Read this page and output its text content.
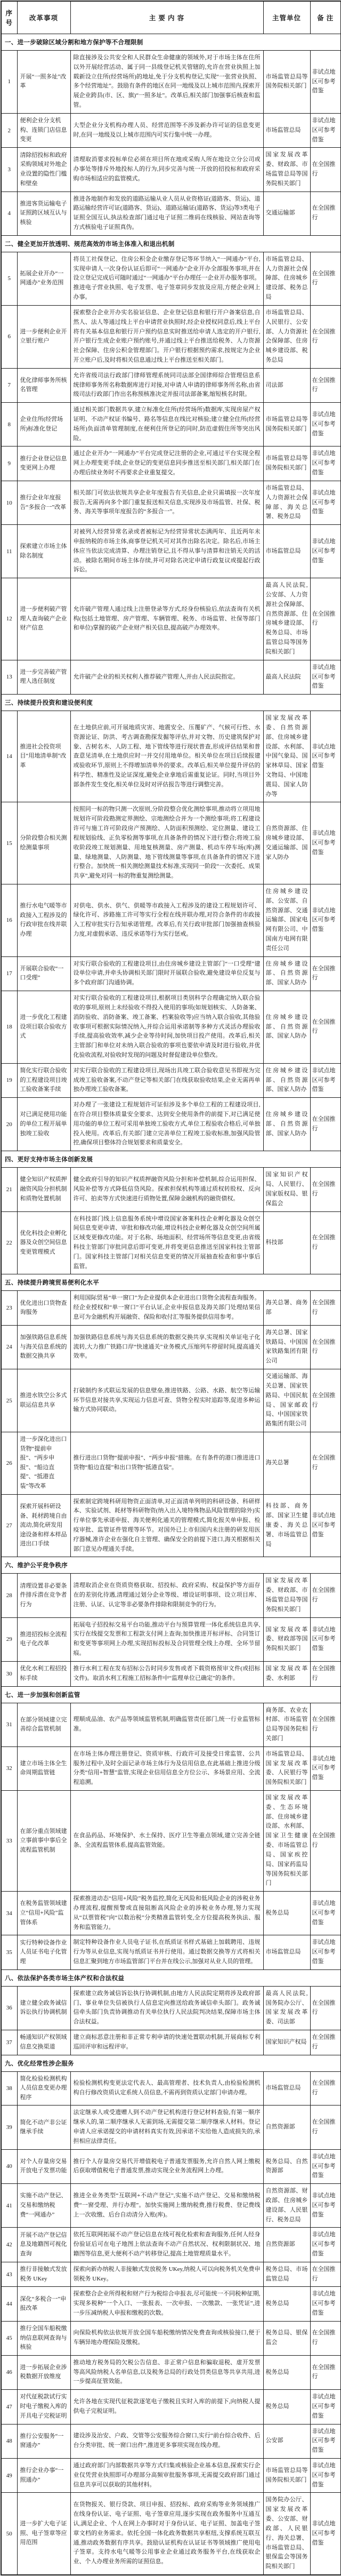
序号	改革事项	主 要 内 容	主管单位	备 注
一、进一步破除区域分割和地方保护等不合理限制				
1	开展“一照多址”改革	除直接涉及公共安全和人民群众生命健康的领域外,对于市场主体在住所以外开展经营活动、属于同一县级登记机关管辖的,允许在营业执照上加载新设立住所(经营场所)的地址,免于分支机构登记,实现“一张营业执照、多个经营地址”。鼓励有条件的地区在同一地级及以上城市范围内,探索开展企业跨县(市、区、旗)“一照多址”。改革后,相关部门加强事后核查和监管。	市场监管总局等国务院相关部门	非试点地区可参考借鉴
2	便利企业分支机构、连锁门店信息变更	大型企业分支机构办理人员、经营范围等不涉及新办许可证的信息变更时,在同一地级及以上城市范围内可实行集中统一办理。	市场监管总局	非试点地区可参考借鉴
3	清除招投标和政府采购领域对外地企业设置的隐性门槛和壁垒	清理取消要求投标单位必须在项目所在地或采购人所在地设立分公司或办事处等排斥外地投标人的行为,同步完善与统一开放的招投标和政府采购市场相适应的监管模式。	国家发展改革委、财政部、市场监管总局等国务院相关部门	在全国推行
4	推进客货运输电子证照跨区域互认与核验	推进各地制作和发放的道路运输从业人员从业资格证(道路客、货运)、道路运输经营许可证(道路客、货运)、道路运输证(道路客、货运)等3类电子证照全国互认,执法检查部门通过电子证照二维码在线核验、网站查询等方式核验电子证照真伪。	交通运输部	在全国推行
二、健全更加开放透明、规范高效的市场主体准入和退出机制				
5	拓展企业开办“一网通办”业务范围	将员工社保登记、住房公积金企业缴存登记等环节纳入“一网通办”平台,实现申请人一次身份认证后即可“一网通办”企业开办全部服务事项,并在设立登记完成后可随时通过“一网通办”平台办理任一企业开办服务事项。推进电子营业执照、电子发票、电子签章同步发放及应用,方便企业网上办事。	市场监管总局、人力资源社会保障部、住房城乡建设部、税务总局	在全国推行
6	进一步便利企业开立银行账户	探索整合企业开办实名验证信息、企业登记信息和银行开户备案信息,自然人、法人等通过线上平台申请营业执照时,经企业授权同意后,线上平台将有关基本信息和银行开户预约信息实时推送给申请人选定的开户银行,开户银行生成企业账户预约账号,并通过线上平台推送给税务、人力资源社会保障、住房公积金管理部门。开户银行根据预约需求,按规定为企业开立账户后,及时将相关信息通过线上平台推送至相关部门。	市场监管总局、人民银行、公安部、人力资源社会保障部、住房城乡建设部、税务总局	在全国推行
7	优化律师事务所核名管理	允许省级司法行政部门律师管理系统同司法部全国律师综合管理信息系统律师事务所名称数据库进行对接,对申请人申请的律师事务所名称,由省级司法行政部门作出名称预核准决定并报司法部备案,缩短核名时限。	司法部	在全国推行
8	企业住所(经营场所)标准化登记	通过相关部门数据共享,建立标准化住所(经营场所)数据库,实现房屋产权证明、不动产权证书编号、路名等信息在线比对核验;建立健全住所(经营场所)负面清单管理制度,在便利住所登记的同时,防范虚假住所等突出风险。	市场监管总局等国务院相关部门	非试点地区可参考借鉴
9	推行企业登记信息变更网上办理	通过企业开办“一网通办”平台完成登记注册的企业,可通过平台实现全程网上办理变更手续,企业登记的变更信息同步推送至相关部门,相关部门在办理后续业务时不再要求企业重复提交。	市场监管总局等国务院相关部门	非试点地区可参考借鉴
10	推行企业年度报告“多报合一”改革	相关部门可依法依规共享企业年度报告有关信息,企业只需填报一次年度报告,无需再向多个部门重复报送相关信息,实现涉及市场监管、社保、税务、海关等事项年度报告的“多报合一”。	市场监管总局、人力资源社会保障部、海关总署、税务总局	非试点地区可参考借鉴
11	探索建立市场主体除名制度	对被列入经营异常名录或者被标记为经营异常状态满两年、且近两年未申报纳税的市场主体,商事登记机关可对其作出除名决定。除名后,市场主体应当依法完成清算、办理注销登记,且不得从事与清算和注销无关的活动。被除名期间市场主体存续,并可对除名决定申请行政复议或提起行政诉讼。	市场监管总局	非试点地区可参考借鉴
12	进一步便利破产管理人查询破产企业财产信息	允许破产管理人通过线上注册登录等方式,经身份核验后,依法查询有关机构(包括土地管理、房产管理、车辆管理、税务、市场监管、社保等部门和单位)掌握的破产企业财产相关信息,提高破产办理效率。	最高人民法院,公安部、人力资源社会保障部、自然资源部、住房城乡建设部、税务总局、市场监管总局等国务院相关部门	在全国推行
13	进一步完善破产管理人选任制度	允许破产企业的相关权利人推荐破产管理人,并由人民法院指定。	最高人民法院	非试点地区可参考借鉴
三、持续提升投资和建设便利度				
14	推进社会投资项目“用地清单制”改革	在土地供应前,可开展地质灾害、地震安全、压覆矿产、气候可行性、水资源论证、防洪、考古调查勘探发掘等评估,并对文物、历史建筑保护对象、古树名木、人防工程、地下管线等进行现状普查,形成评估结果和普查意见清单,在土地供应时一并交付用地单位。相关单位在项目后续报建或验收环节,原则上不得增加清单外的要求。改革后,相关单位提升评估的科学性、精准性及论证深度,避免企业拿地后需重复论证。同时,当项目外部条件发生变化,相关单位及时对评估报告等进行调整完善。	国家发展改革委、自然资源部、住房城乡建设部、水利部、中国气象局、国家林草局、国家文物局、中国地震局、国家人防办等	非试点地区可参考借鉴
15	分阶段整合相关测绘测量事项	按照同一标的物只测一次原则,分阶段整合优化测绘事项,推动将立项用地规划许可阶段勘测定界测绘、宗地测绘合并为一个测绘事项;将工程建设许可与施工许可阶段房产预测绘、人防面积预测绘、定位测量、建设工程规划验线、正负零检测等事项,在具备条件的情况下进行整合;将竣工验收阶段竣工规划测量、用地复核测量、房产测量、机动车停车场(库)测量、绿地测量、人防测量、地下管线测量等事项,在具备条件的情况下进行整合。加快统一相关测绘测量技术标准,实现同一阶段“一次委托、成果共享”,避免对同一标的物重复测绘测量。	自然资源部、住房城乡建设部、交通运输部、国家人防办	非试点地区可参考借鉴
16	推行水电气暖等市政接入工程涉及的行政审批在线并联办理	对供电、供水、供气、供暖等市政接入工程涉及的建设工程规划许可、绿化许可、涉路施工许可等实行全程在线并联办理,对符合条件的市政接入工程审批实行告知承诺管理。改革后,有关行政审批部门加强抽查核验力度,对虚假承诺、违反承诺等行为实行惩戒。	住房城乡建设部、公安部、自然资源部、交通运输部、国家电网有限公司、中国南方电网有限责任公司	非试点地区可参考借鉴
17	开展联合验收“一口受理”	对实行联合验收的工程建设项目,由住房城乡建设主管部门“一口受理”建设单位申请,并牵头协调相关部门限时开展联合验收,避免建设单位反复与多个政府部门沟通协调。	住房城乡建设部、自然资源部、国家人防办	在全国推行
18	进一步优化工程建设项目联合验收方式	对实行联合验收的工程建设项目,根据项目类别科学合理确定纳入联合验收的事项,原则上未经验收不得投入使用的事项(如规划核实、人防备案、消防验收、消防备案、竣工备案、档案验收等)应当纳入联合验收,其他验收事项可根据实际情况纳入,并综合运用承诺制等多种方式灵活办理验收手续,提高验收效率,减少企业等待时间,加快项目投产使用。改革后,相关主管部门和单位对未纳入联合验收的事项也要依申请及时进行验收,并优化验收流程,对验收时发现的问题及时督促建设单位整改。	住房城乡建设部、自然资源部、国家人防办	在全国推行
19	简化实行联合验收的工程建设项目竣工验收备案手续	对实行联合验收的工程建设项目,现场出具竣工联合验收意见书即视为完成竣工验收备案,不动产登记等相关部门在线获取验收结果,企业无需再单独办理竣工验收备案。	住房城乡建设部、自然资源部、国家人防办	非试点地区可参考借鉴
20	对已满足使用功能的单位工程开展单独竣工验收	对办理了一张建设工程规划许可证但涉及多个单位工程的工程建设项目,在符合项目整体质量安全要求、达到安全使用条件的前提下,对已满足使用功能的单位工程可采用单独竣工验收方式,单位工程验收合格后,可单独投入使用。改革后,有关部门建立完善单位工程竣工验收标准,加强风险管控,确保项目整体符合规划要求和质量安全。	住房城乡建设部、自然资源部、国家人防办	在全国推行
四、更好支持市场主体创新发展				
21	健全知识产权质押融资风险分担机制和质物处置机制	健全政府引导的知识产权质押融资风险分担和补偿机制,综合运用担保、风险补偿等方式降低信贷风险。探索担保机构等通过质权转股权、反向许可、拍卖等方式快速进行质物处置,保障金融机构的融资债权。	国家知识产权局、人民银行、国家版权局、银保监会	在全国推行
22	优化科技企业孵化器及众创空间信息变更管理模式	在科技部门线上信息服务系统中增设国家备案科技企业孵化器及众创空间信息变更申请、审批和修改功能,增设科技企业孵化器及众创空间所属区域变更修改功能。对于名称、场地面积、经营场所等信息变更,由省级科技主管部门审批同意后即可变更,并将变更信息推送至国家科技主管部门。国家科技主管部门对相关信息变更的情况开展抽查检查和事中事后监管。	科技部	在全国推行
五、持续提升跨境贸易便利化水平				
23	优化进出口货物查询服务	利用国际贸易“单一窗口”为企业提供本企业进出口货物全流程查询服务。经企业授权和“单一窗口”平台认证,企业申报信息及海关部门处理结果信息可为金融机构开展融资、保险和收付汇等服务提供信用参考。	海关总署、商务部	在全国推行
24	加强铁路信息系统与海关信息系统的数据交换共享	加强铁路信息系统与海关信息系统的数据交换共享,实现相关单证电子化流转,大力推广铁路口岸“快速通关”业务模式,压缩列车停留时间,提高通关效率。	海关总署、国家铁路局、中国国家铁路集团有限公司	在全国推行
25	推进水铁空公多式联运信息共享	打破制约多式联运发展的信息壁垒,推进铁路、公路、水路、航空等运输环节信息对接共享,实现运力信息可查、货物全程实时追踪等,促进多种运输方式协同联动。	交通运输部、海关总署、国家铁路局、中国民航局、国家邮政局、中国国家铁路集团有限公司	在全国推行
26	进一步深化进出口货物“提前申报”、“两步申报”、“船边直提”、“抵港直装”等改革	推行进出口货物“提前申报”、“两步申报”措施。在有条件的港口推进进口货物“船边直提”和出口货物“抵港直装”。	海关总署	在全国推行
27	探索开展科研设备、耗材跨境自由流动,简化研发用途设备和样本样品进出口手续	探索制定跨境科研用物资正面清单,对正面清单列明的科研设备、科研样本、实验试剂、耗材等科研物资(纳入出入境特殊物品风险管理的除外)实行单位事先承诺申报、海关便利化通关的管理模式,简化报关单申报、检疫审批、监管证件管理等环节。对国外已上市但国内未注册的研发用医疗器械,准许企业在强化自主管理、确保安全的前提下进口,海关根据相关部门意见办理通关手续。	科技部、商务部、国家卫生健康委、海关总署、市场监管总局	非试点地区可参考借鉴
六、维护公平竞争秩序				
28	清理设置非必要条件排斥潜在竞争者行为	清理取消企业在资质资格获取、招投标、政府采购、权益保护等方面存在的差别化待遇,清理通过划分企业等级、增设证明事项、设立项目库、注册、认证、认定等非必要条件排除和限制竞争的行为。	国家发展改革委、财政部、市场监管总局等国务院相关部门	在全国推行
29	推进招投标全流程电子化改革	拓展电子招投标交易平台功能,推动平台与预算管理一体化系统信息共享,实行在线提交发票和工程款支付网上查询;加快推进开标评标、合同签订和变更等事项网上办理,实现招标投标及合同管理全线上办理、全环节留痕。	国家发展改革委、财政部等国务院相关部门	非试点地区可参考借鉴
30	优化水利工程招投标手续	推行水利工程在发布招标公告时同步发售或者下载资格预审文件(或招标文件)。取消水利工程施工招标条件中“监理单位已确定”的条件。	国家发展改革委、水利部	在全国推行
七、进一步加强和创新监管				
31	在部分领域建立完善综合监管机制	理顺成品油、农产品等领域监管机制,明确监管责任部门,统一行业监管标准。	商务部、农业农村部、市场监管总局等国务院相关部门	在全国推行
32	建立市场主体全生命周期监管链	在市场主体办理注册登记、资质审核、行政许可及接受日常监管、公共服务过程中,及时全面记录市场主体行为及信用信息,在此基础上推进分级分类“信用+智慧”监管,实现企业信用信息全方位公示、多场景应用、全流程追溯。	市场监管总局、国家发展改革委、人民银行等国务院相关部门	非试点地区可参考借鉴
33	在部分重点领域建立事前事中事后全流程监管机制	在食品药品、环境保护、水土保持、医疗卫生等重点领域,建立完善全链条、全流程监管体系,提高监管效能。	国家发展改革委、生态环境部、住房城乡建设部、水利部、国家卫生健康委、市场监管总局、国家疾控局、国家药监局等国务院相关部门	在全国推行
34	在税务监管领域建立“信用+风险”监管体系	探索推进动态“信用+风险”税务监控,简化无风险和低风险企业的涉税业务办理流程,提醒预警或直接阻断高风险企业的涉税业务办理,努力实现从“以票管税”向“以数治税”分类精准监管转变,全方位提高税务执法、服务和监管能力。	税务总局	非试点地区可参考借鉴
35	实行特种设备作业人员证书电子化管理	制定特种设备作业人员电子证书,在纸质证书样式基础上加载聘用、违规行为等从业信息,实现与纸质证书并行使用。通过数据交换等方式将相关信息汇聚到地方市场监管部门平台并在线公示,加强对从业人员的管理。	市场监管总局	非试点地区可参考借鉴
八、依法保护各类市场主体产权和合法权益				
36	建立健全政务诚信诉讼执行协调机制	探索建立政务诚信诉讼执行协调机制,由地方人民法院定期将涉及政府部门、事业单位失信被执行人信息定向推送给政务诚信牵头部门。政务诚信牵头部门负责协调推动有关单位执行人民法院判决结果,保障市场主体合法权益。	最高人民法院,国务院办公厅、国家发展改革委、司法部	在全国推行
37	畅通知识产权领域信息交换渠道	建立商标恶意注册和非正常专利申请的快速处置联动机制,开展商标专利巡回评审和远程评审。	国家知识产权局	在全国推行
九、优化经常性涉企服务				
38	简化检验检测机构人员信息变更办理程序	检验检测机构变更法定代表人、最高管理者、技术负责人,由检验检测机构自行修改资质认定系统人员信息,不需再到资质认定部门申请办理。	市场监管总局	在全国推行
39	简化不动产非公证继承手续	法定继承人或受遗赠人到不动产登记机构进行登记材料查验,有第一顺序继承人的,第二顺序继承人无需到场,无需提交第二顺序继承人材料。登记申请人应承诺提交的申请材料真实有效,因承诺不实给他人造成损失的,承担相应法律责任。	自然资源部	在全国推行
40	对个人存量房交易开放电子发票功能	推行个人存量房交易代开增值税电子普通发票服务,允许自然人网上缴税后获取增值税电子普通发票,推动实现全业务流程网上办理。	税务总局、自然资源部	非试点地区可参考借鉴
41	实施不动产登记、交易和缴纳税费“一网通办”	推进全业务类型“互联网+不动产登记”,实施不动产登记、交易和缴纳税费“一窗受理、并行办理”。加快实施网上缴纳税费,推行税费、登记费线上一次收缴、后台自动清分入账(库)。	自然资源部、财政部、住房城乡建设部、人民银行、税务总局	非试点地区可参考借鉴
42	开展不动产登记信息及地籍图可视化查询	依托互联网拓展不动产登记信息在线可视化检索和查询服务,任何人经身份验证后可在电子地图上依法查询不动产自然状况、权利限制状况、地籍图等信息,更大便利不动产转移登记,提高土地管理质量水平。	自然资源部	非试点地区可参考借鉴
43	推行非接触式发放税务 UKey	探索向新办纳税人非接触式发放税务 UKey,纳税人可以向税务机关免费申领税务 UKey。	税务总局、市场监管总局	在全国推行
44	深化“多税合一”申报改革	探索整合企业所得税和财产行为税综合申报表,尽可能统一不同税种征期,实现多税种“一个入口、一张报表、一次申报、一次缴款、一张凭证”,进一步压减纳税人申报和缴税的次数。	税务总局	非试点地区可参考借鉴
45	推行全国车船税缴纳信息联网查询与核验	向保险机构依法依规开放全国车船税缴纳情况免费查询或核验接口,便于车辆异地办理保险及缴税。	税务总局、银保监会	在全国推行
46	进一步拓展企业涉税数据开放维度	推动地方税务局的欠税公告信息、非正常户信息和骗取退税、虚开发票等高风险纳税人名单信息,以及税务总局的行政处罚类信息等共享共用,进一步提高征管效能。	税务总局	在全国推行
47	对代征税款试行实时电子缴税入库的开具电子完税证明	允许各地在实现代征税款逐笔电子缴税且实时入库的前提下,向纳税人提供电子完税证明。	税务总局	非试点地区可参考借鉴
48	推行公安服务“一窗通办”	建设涉及治安、户政、交管等公安服务综合窗口,实行“前台综合收件、后台分类审批、统一窗口出件”,推进更多事项实现在线办理。	公安部	非试点地区可参考借鉴
49	推行企业办事“一照通办”	通过政府部门内部数据共享等方式归集或核验企业基本信息,探索实行企业仅凭营业执照即可办理部分高频审批服务事项,无需提交政府部门通过信息共享可以获取的其他材料。	市场监管总局等国务院相关部门	非试点地区可参考借鉴
50	进一步扩大电子证照、电子签章等应用范围	在货物报关、银行贷款、项目申报、招投标、政府采购等业务领域推广在线身份认证、电子证照、电子签章应用,逐步实现在政务服务中互通互认,满足企业、个人在网上办事时对于身份认证、电子证照、加盖电子签章文档的业务需求。依托全国一体化政务数据共享枢纽,支撑系统互联互通,推动政务数据有序共享。鼓励认证机构在认证证书等领域推广使用电子签章。支持水电气暖等公用事业企业通过政务服务平台,在线获取企业、个人办理业务所需的证照信息。	国务院办公厅、国家发展改革委、公安部、财政部、人民银行、海关总署、市场监管总局、银保监会等国务院相关部门	非试点地区可参考借鉴
